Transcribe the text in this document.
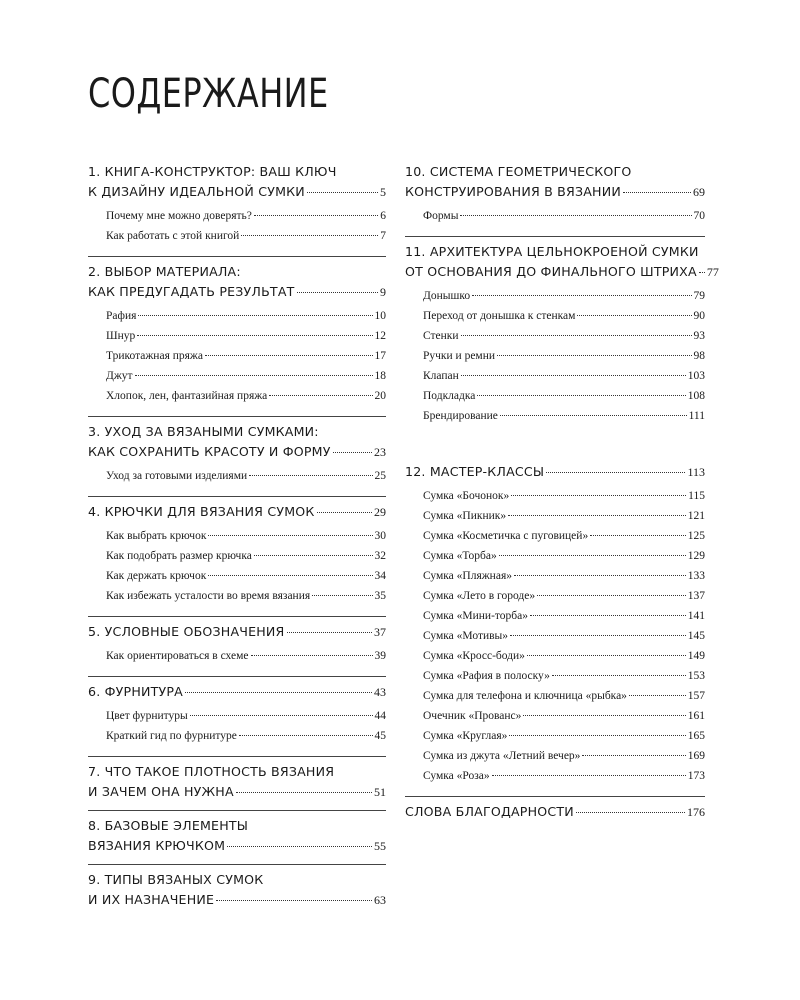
СОДЕРЖАНИЕ
1. КНИГА-КОНСТРУКТОР: ВАШ КЛЮЧ
К ДИЗАЙНУ ИДЕАЛЬНОЙ СУМКИ	5
Почему мне можно доверять?	6
Как работать с этой книгой	7
2. ВЫБОР МАТЕРИАЛА:
КАК ПРЕДУГАДАТЬ РЕЗУЛЬТАТ	9
Рафия	10
Шнур	12
Трикотажная пряжа	17
Джут	18
Хлопок, лен, фантазийная пряжа	20
3. УХОД ЗА ВЯЗАНЫМИ СУМКАМИ:
КАК СОХРАНИТЬ КРАСОТУ И ФОРМУ	23
Уход за готовыми изделиями	25
4. КРЮЧКИ ДЛЯ ВЯЗАНИЯ СУМОК	29
Как выбрать крючок	30
Как подобрать размер крючка	32
Как держать крючок	34
Как избежать усталости во время вязания	35
5. УСЛОВНЫЕ ОБОЗНАЧЕНИЯ	37
Как ориентироваться в схеме	39
6. ФУРНИТУРА	43
Цвет фурнитуры	44
Краткий гид по фурнитуре	45
7. ЧТО ТАКОЕ ПЛОТНОСТЬ ВЯЗАНИЯ
И ЗАЧЕМ ОНА НУЖНА	51
8. БАЗОВЫЕ ЭЛЕМЕНТЫ
ВЯЗАНИЯ КРЮЧКОМ	55
9. ТИПЫ ВЯЗАНЫХ СУМОК
И ИХ НАЗНАЧЕНИЕ	63
10. СИСТЕМА ГЕОМЕТРИЧЕСКОГО
КОНСТРУИРОВАНИЯ В ВЯЗАНИИ	69
Формы	70
11. АРХИТЕКТУРА ЦЕЛЬНОКРОЕНОЙ СУМКИ
ОТ ОСНОВАНИЯ ДО ФИНАЛЬНОГО ШТРИХА 77
Донышко	79
Переход от донышка к стенкам	90
Стенки	93
Ручки и ремни	98
Клапан	103
Подкладка	108
Брендирование	111
12. МАСТЕР-КЛАССЫ	113
Сумка «Бочонок»	115
Сумка «Пикник»	121
Сумка «Косметичка с пуговицей»	125
Сумка «Торба»	129
Сумка «Пляжная»	133
Сумка «Лето в городе»	137
Сумка «Мини-торба»	141
Сумка «Мотивы»	145
Сумка «Кросс-боди»	149
Сумка «Рафия в полоску»	153
Сумка для телефона и ключница «рыбка»	157
Очечник «Прованс»	161
Сумка «Круглая»	165
Сумка из джута «Летний вечер»	169
Сумка «Роза»	173
СЛОВА БЛАГОДАРНОСТИ	176
